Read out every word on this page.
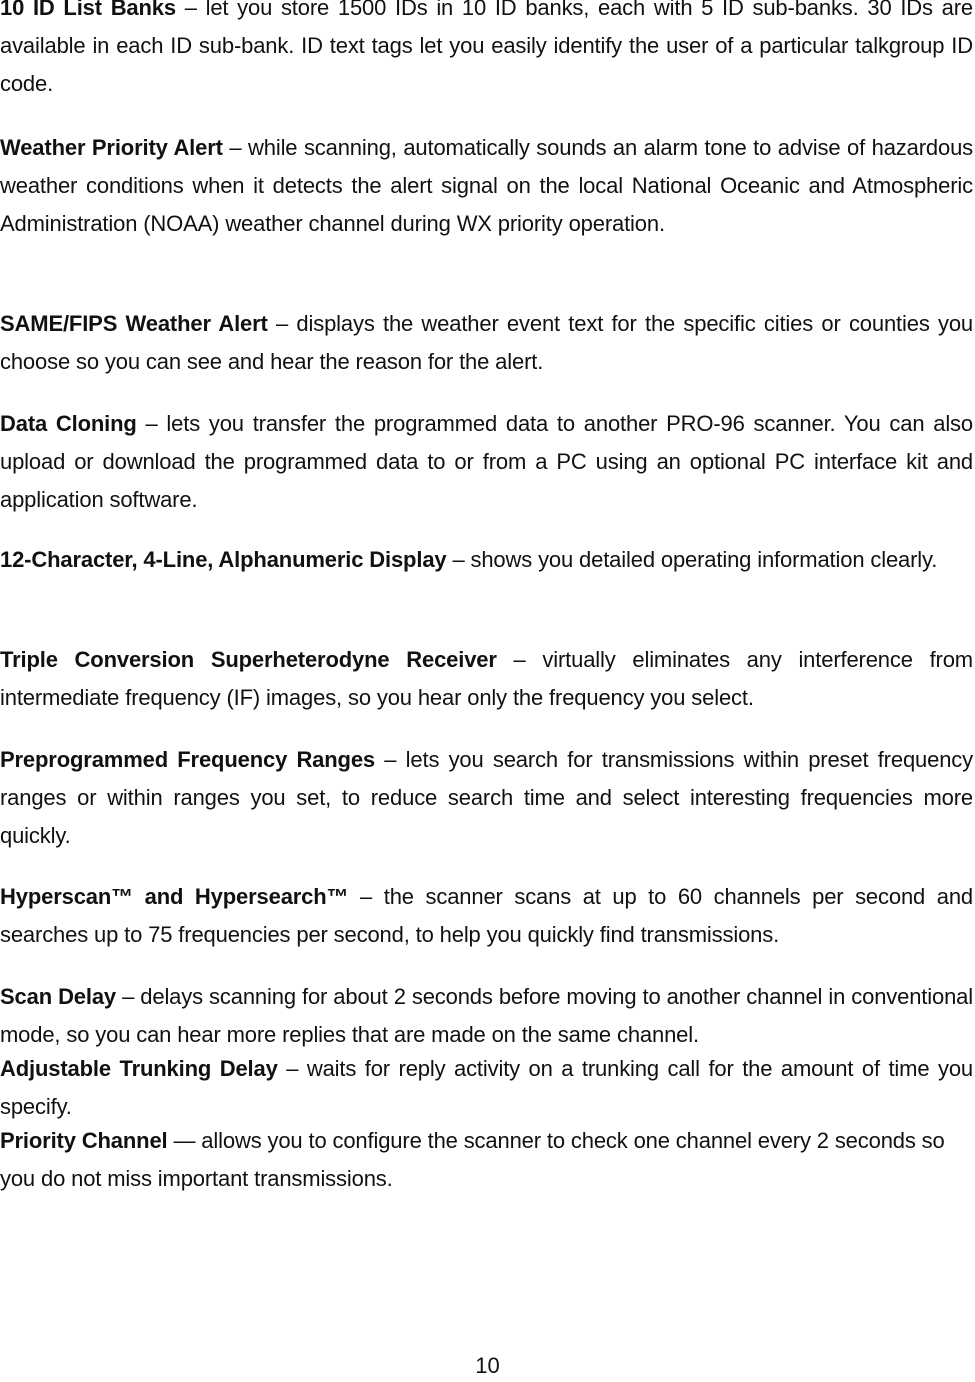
10 ID List Banks – let you store 1500 IDs in 10 ID banks, each with 5 ID sub-banks. 30 IDs are available in each ID sub-bank. ID text tags let you easily identify the user of a particular talkgroup ID code.

Weather Priority Alert – while scanning, automatically sounds an alarm tone to advise of hazardous weather conditions when it detects the alert signal on the local National Oceanic and Atmospheric Administration (NOAA) weather channel during WX priority operation.

SAME/FIPS Weather Alert – displays the weather event text for the specific cities or counties you choose so you can see and hear the reason for the alert.

Data Cloning – lets you transfer the programmed data to another PRO-96 scanner. You can also upload or download the programmed data to or from a PC using an optional PC interface kit and application software.

12-Character, 4-Line, Alphanumeric Display – shows you detailed operating information clearly.

Triple Conversion Superheterodyne Receiver – virtually eliminates any interference from intermediate frequency (IF) images, so you hear only the frequency you select.

Preprogrammed Frequency Ranges – lets you search for transmissions within preset frequency ranges or within ranges you set, to reduce search time and select interesting frequencies more quickly.

Hyperscan™ and Hypersearch™ – the scanner scans at up to 60 channels per second and searches up to 75 frequencies per second, to help you quickly find transmissions.

Scan Delay – delays scanning for about 2 seconds before moving to another channel in conventional mode, so you can hear more replies that are made on the same channel.

Adjustable Trunking Delay – waits for reply activity on a trunking call for the amount of time you specify.

Priority Channel — allows you to configure the scanner to check one channel every 2 seconds so you do not miss important transmissions.

10
